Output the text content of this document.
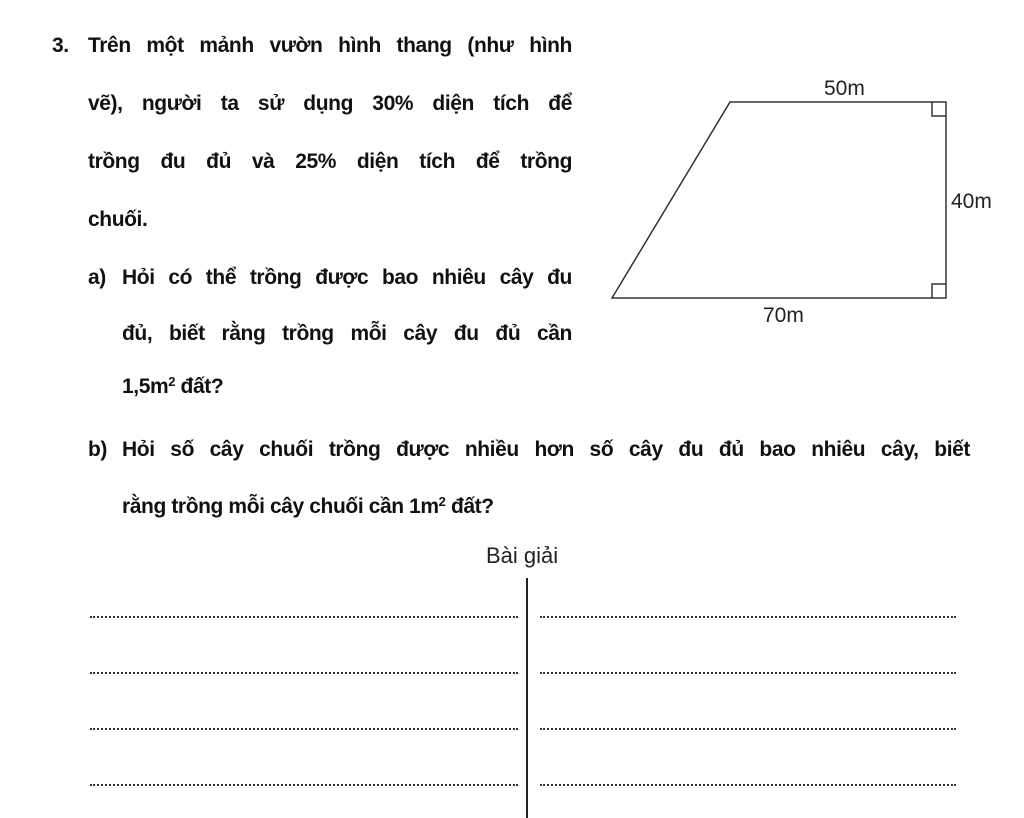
3. Trên một mảnh vườn hình thang (như hình
vẽ), người ta sử dụng 30% diện tích để
trồng đu đủ và 25% diện tích để trồng
chuối.
a) Hỏi có thể trồng được bao nhiêu cây đu
đủ, biết rằng trồng mỗi cây đu đủ cần
$1,5m^2$ đất?
b) Hỏi số cây chuối trồng được nhiều hơn số cây đu đủ bao nhiêu cây, biết
rằng trồng mỗi cây chuối cần $1m^2$ đất?
50m
40m
70m
Bài giải
